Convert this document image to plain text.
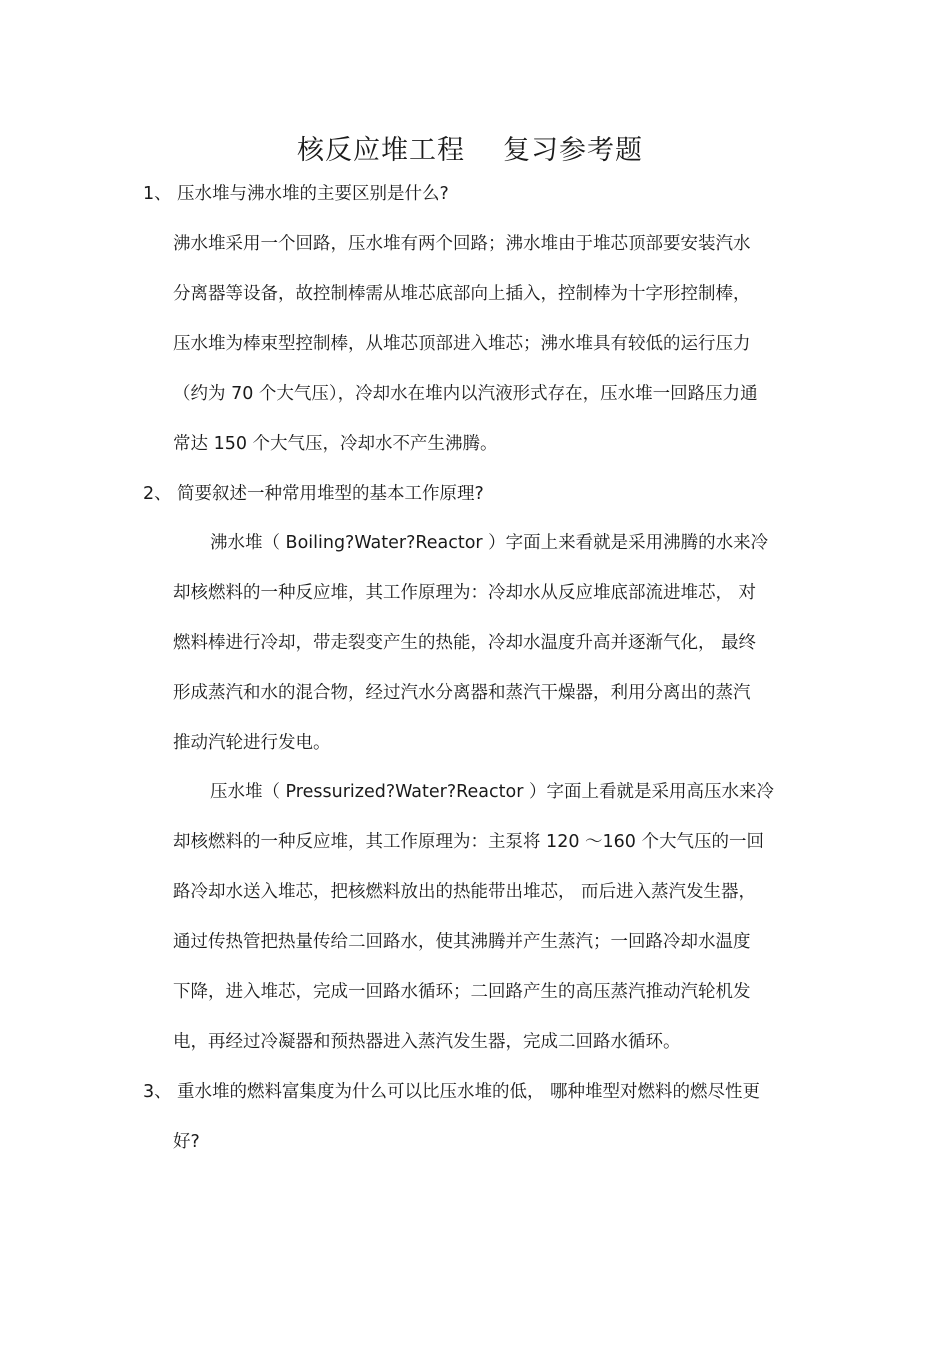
核反应堆工程 复习参考题
1、 压水堆与沸水堆的主要区别是什么?
沸水堆采用一个回路，压水堆有两个回路；沸水堆由于堆芯顶部要安装汽水
分离器等设备，故控制棒需从堆芯底部向上插入，控制棒为十字形控制棒，
压水堆为棒束型控制棒，从堆芯顶部进入堆芯；沸水堆具有较低的运行压力
（约为 70 个大气压），冷却水在堆内以汽液形式存在，压水堆一回路压力通
常达 150 个大气压，冷却水不产生沸腾。
2、 简要叙述一种常用堆型的基本工作原理?
沸水堆（ Boiling?Water?Reactor ）字面上来看就是采用沸腾的水来冷
却核燃料的一种反应堆，其工作原理为：冷却水从反应堆底部流进堆芯， 对
燃料棒进行冷却，带走裂变产生的热能，冷却水温度升高并逐渐气化， 最终
形成蒸汽和水的混合物，经过汽水分离器和蒸汽干燥器，利用分离出的蒸汽
推动汽轮进行发电。
压水堆（ Pressurized?Water?Reactor ）字面上看就是采用高压水来冷
却核燃料的一种反应堆，其工作原理为：主泵将 120 ～160 个大气压的一回
路冷却水送入堆芯，把核燃料放出的热能带出堆芯， 而后进入蒸汽发生器，
通过传热管把热量传给二回路水，使其沸腾并产生蒸汽；一回路冷却水温度
下降，进入堆芯，完成一回路水循环；二回路产生的高压蒸汽推动汽轮机发
电，再经过冷凝器和预热器进入蒸汽发生器，完成二回路水循环。
3、 重水堆的燃料富集度为什么可以比压水堆的低， 哪种堆型对燃料的燃尽性更
好?
